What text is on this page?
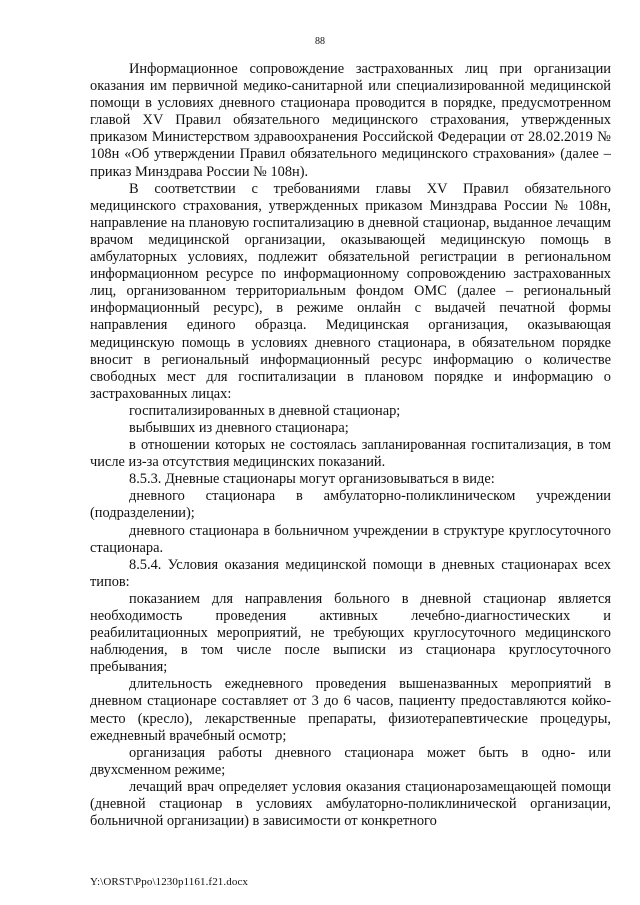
88

Информационное сопровождение застрахованных лиц при организации оказания им первичной медико-санитарной или специализированной медицинской помощи в условиях дневного стационара проводится в порядке, предусмотренном главой XV Правил обязательного медицинского страхования, утвержденных приказом Министерством здравоохранения Российской Федерации от 28.02.2019 № 108н «Об утверждении Правил обязательного медицинского страхования» (далее – приказ Минздрава России № 108н).

В соответствии с требованиями главы XV Правил обязательного медицинского страхования, утвержденных приказом Минздрава России № 108н, направление на плановую госпитализацию в дневной стационар, выданное лечащим врачом медицинской организации, оказывающей медицинскую помощь в амбулаторных условиях, подлежит обязательной регистрации в региональном информационном ресурсе по информационному сопровождению застрахованных лиц, организованном территориальным фондом ОМС (далее – региональный информационный ресурс), в режиме онлайн с выдачей печатной формы направления единого образца. Медицинская организация, оказывающая медицинскую помощь в условиях дневного стационара, в обязательном порядке вносит в региональный информационный ресурс информацию о количестве свободных мест для госпитализации в плановом порядке и информацию о застрахованных лицах:

госпитализированных в дневной стационар;

выбывших из дневного стационара;

в отношении которых не состоялась запланированная госпитализация, в том числе из-за отсутствия медицинских показаний.

8.5.3. Дневные стационары могут организовываться в виде:

дневного стационара в амбулаторно-поликлиническом учреждении (подразделении);

дневного стационара в больничном учреждении в структуре круглосуточного стационара.

8.5.4. Условия оказания медицинской помощи в дневных стационарах всех типов:

показанием для направления больного в дневной стационар является необходимость проведения активных лечебно-диагностических и реабилитационных мероприятий, не требующих круглосуточного медицинского наблюдения, в том числе после выписки из стационара круглосуточного пребывания;

длительность ежедневного проведения вышеназванных мероприятий в дневном стационаре составляет от 3 до 6 часов, пациенту предоставляются койко-место (кресло), лекарственные препараты, физиотерапевтические процедуры, ежедневный врачебный осмотр;

организация работы дневного стационара может быть в одно- или двухсменном режиме;

лечащий врач определяет условия оказания стационарозамещающей помощи (дневной стационар в условиях амбулаторно-поликлинической организации, больничной организации) в зависимости от конкретного

Y:\ORST\Ppo\1230p1161.f21.docx
